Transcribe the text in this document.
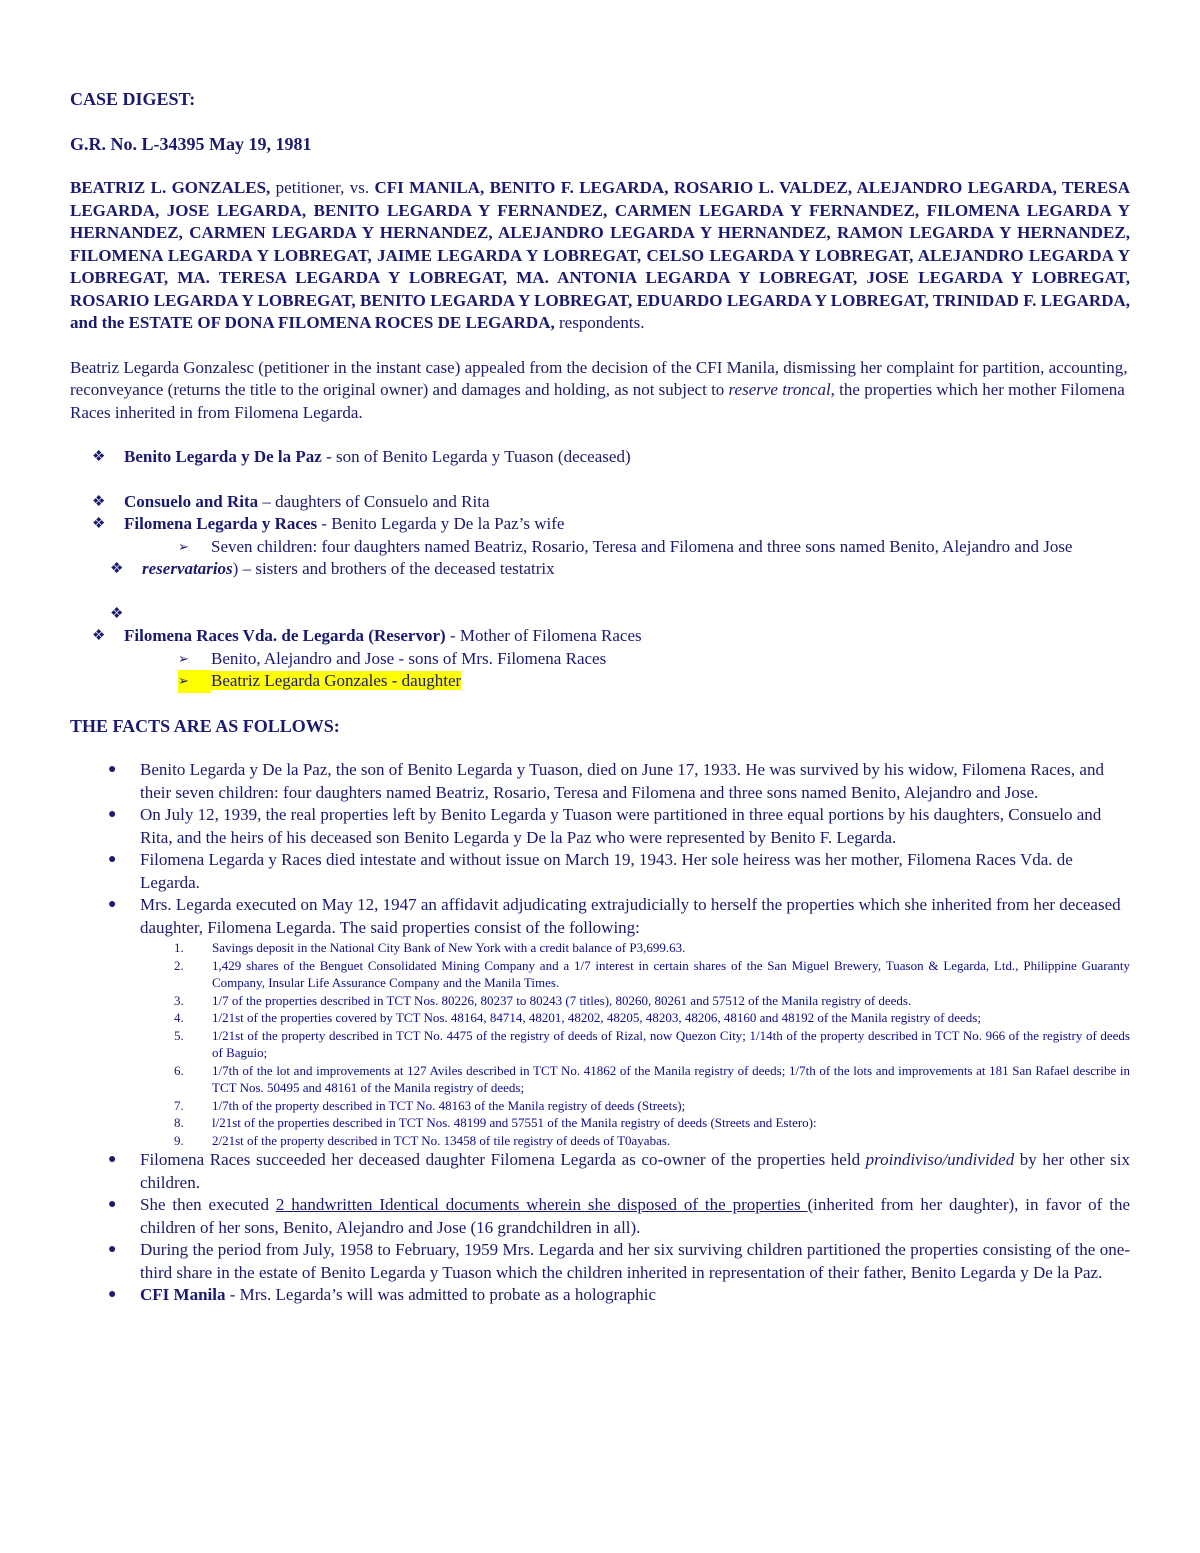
CASE DIGEST:

G.R. No. L-34395 May 19, 1981

BEATRIZ L. GONZALES, petitioner, vs. CFI MANILA, BENITO F. LEGARDA, ROSARIO L. VALDEZ, ALEJANDRO LEGARDA, TERESA LEGARDA, JOSE LEGARDA, BENITO LEGARDA Y FERNANDEZ, CARMEN LEGARDA Y FERNANDEZ, FILOMENA LEGARDA Y HERNANDEZ, CARMEN LEGARDA Y HERNANDEZ, ALEJANDRO LEGARDA Y HERNANDEZ, RAMON LEGARDA Y HERNANDEZ, FILOMENA LEGARDA Y LOBREGAT, JAIME LEGARDA Y LOBREGAT, CELSO LEGARDA Y LOBREGAT, ALEJANDRO LEGARDA Y LOBREGAT, MA. TERESA LEGARDA Y LOBREGAT, MA. ANTONIA LEGARDA Y LOBREGAT, JOSE LEGARDA Y LOBREGAT, ROSARIO LEGARDA Y LOBREGAT, BENITO LEGARDA Y LOBREGAT, EDUARDO LEGARDA Y LOBREGAT, TRINIDAD F. LEGARDA, and the ESTATE OF DONA FILOMENA ROCES DE LEGARDA, respondents.

Beatriz Legarda Gonzalesc (petitioner in the instant case) appealed from the decision of the CFI Manila, dismissing her complaint for partition, accounting, reconveyance (returns the title to the original owner) and damages and holding, as not subject to reserve troncal, the properties which her mother Filomena Races inherited in from Filomena Legarda.

❖ Benito Legarda y De la Paz - son of Benito Legarda y Tuason (deceased)
❖ Consuelo and Rita – daughters of Consuelo and Rita
❖ Filomena Legarda y Races - Benito Legarda y De la Paz’s wife
➢ Seven children: four daughters named Beatriz, Rosario, Teresa and Filomena and three sons named Benito, Alejandro and Jose
❖ reservatarios) – sisters and brothers of the deceased testatrix
❖

❖ Filomena Races Vda. de Legarda (Reservor) - Mother of Filomena Races
➢ Benito, Alejandro and Jose - sons of Mrs. Filomena Races
➢	Beatriz Legarda Gonzales - daughter

THE FACTS ARE AS FOLLOWS:

● Benito Legarda y De la Paz, the son of Benito Legarda y Tuason, died on June 17, 1933. He was survived by his widow, Filomena Races, and their seven children: four daughters named Beatriz, Rosario, Teresa and Filomena and three sons named Benito, Alejandro and Jose.
● On July 12, 1939, the real properties left by Benito Legarda y Tuason were partitioned in three equal portions by his daughters, Consuelo and Rita, and the heirs of his deceased son Benito Legarda y De la Paz who were represented by Benito F. Legarda.
● Filomena Legarda y Races died intestate and without issue on March 19, 1943. Her sole heiress was her mother, Filomena Races Vda. de Legarda.
● Mrs. Legarda executed on May 12, 1947 an affidavit adjudicating extrajudicially to herself the properties which she inherited from her deceased daughter, Filomena Legarda. The said properties consist of the following:
1. Savings deposit in the National City Bank of New York with a credit balance of P3,699.63.
2. 1,429 shares of the Benguet Consolidated Mining Company and a 1/7 interest in certain shares of the San Miguel Brewery, Tuason & Legarda, Ltd., Philippine Guaranty Company, Insular Life Assurance Company and the Manila Times.
3. 1/7 of the properties described in TCT Nos. 80226, 80237 to 80243 (7 titles), 80260, 80261 and 57512 of the Manila registry of deeds.
4. 1/21st of the properties covered by TCT Nos. 48164, 84714, 48201, 48202, 48205, 48203, 48206, 48160 and 48192 of the Manila registry of deeds;
5. 1/21st of the property described in TCT No. 4475 of the registry of deeds of Rizal, now Quezon City; 1/14th of the property described in TCT No. 966 of the registry of deeds of Baguio;
6. 1/7th of the lot and improvements at 127 Aviles described in TCT No. 41862 of the Manila registry of deeds; 1/7th of the lots and improvements at 181 San Rafael describe in TCT Nos. 50495 and 48161 of the Manila registry of deeds;
7. 1/7th of the property described in TCT No. 48163 of the Manila registry of deeds (Streets);
8. l/21st of the properties described in TCT Nos. 48199 and 57551 of the Manila registry of deeds (Streets and Estero):
9. 2/21st of the property described in TCT No. 13458 of tile registry of deeds of T0ayabas.
● Filomena Races succeeded her deceased daughter Filomena Legarda as co-owner of the properties held proindiviso/undivided by her other six children.
● She then executed 2 handwritten Identical documents wherein she disposed of the properties (inherited from her daughter), in favor of the children of her sons, Benito, Alejandro and Jose (16 grandchildren in all).
● During the period from July, 1958 to February, 1959 Mrs. Legarda and her six surviving children partitioned the properties consisting of the one-third share in the estate of Benito Legarda y Tuason which the children inherited in representation of their father, Benito Legarda y De la Paz.
● CFI Manila - Mrs. Legarda’s will was admitted to probate as a holographic
